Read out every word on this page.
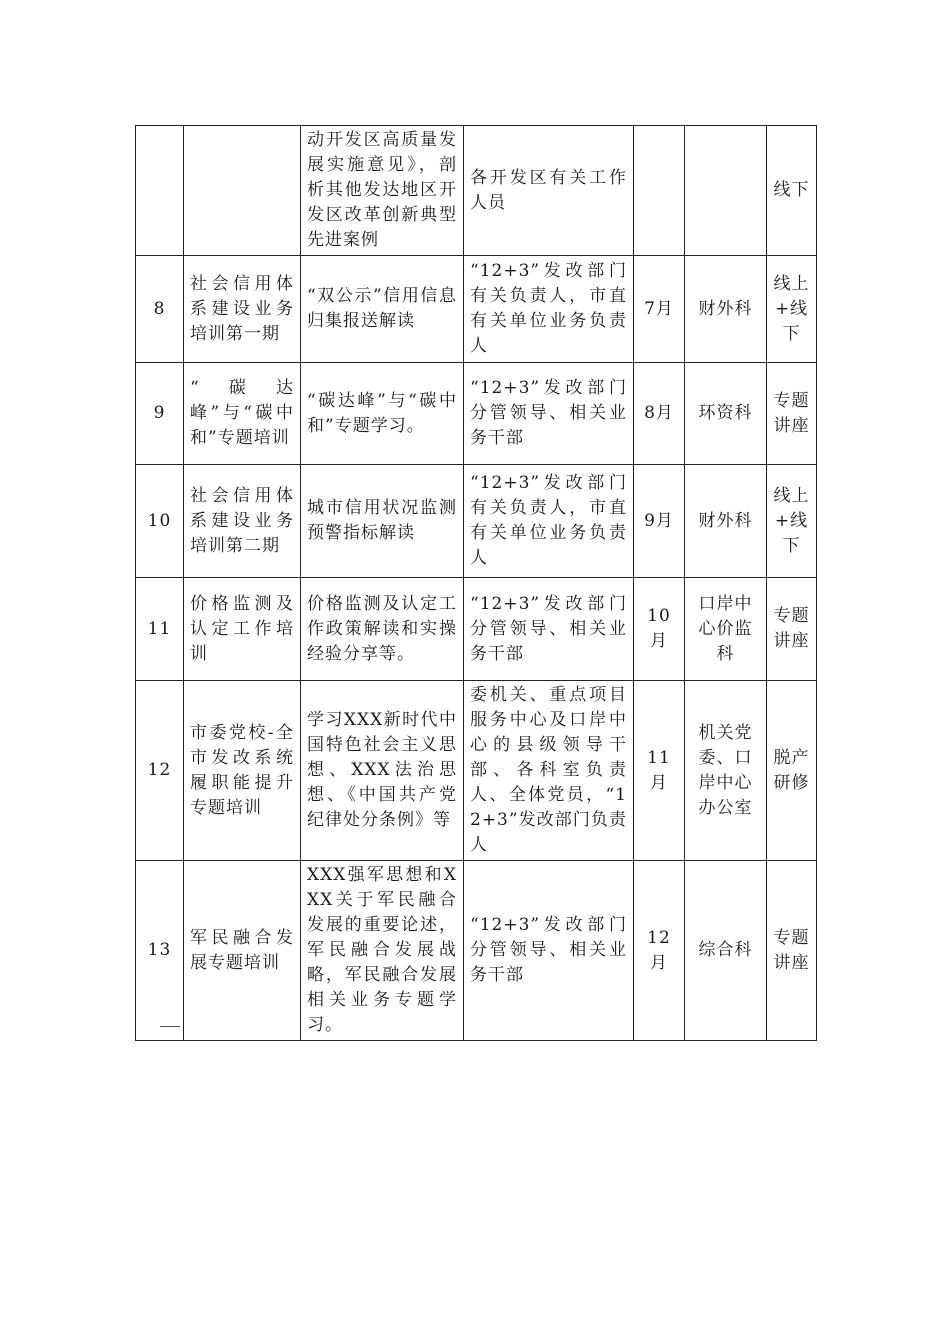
		动开发区高质量发展实施意见》，剖析其他发达地区开发区改革创新典型先进案例	各开发区有关工作人员			线下
8	社会信用体系建设业务培训第一期	“双公示”信用信息归集报送解读	“12+3”发改部门有关负责人，市直有关单位业务负责人	7月	财外科	线上+线下
9	“碳达峰”与“碳中和”专题培训	“碳达峰”与“碳中和”专题学习。	“12+3”发改部门分管领导、相关业务干部	8月	环资科	专题讲座
10	社会信用体系建设业务培训第二期	城市信用状况监测预警指标解读	“12+3”发改部门有关负责人，市直有关单位业务负责人	9月	财外科	线上+线下
11	价格监测及认定工作培训	价格监测及认定工作政策解读和实操经验分享等。	“12+3”发改部门分管领导、相关业务干部	10月	口岸中心价监科	专题讲座
12	市委党校-全市发改系统履职能提升专题培训	学习XXX新时代中国特色社会主义思想、XXX法治思想、《中国共产党纪律处分条例》等	委机关、重点项目服务中心及口岸中心的县级领导干部、各科室负责人、全体党员，“12+3”发改部门负责人	11月	机关党委、口岸中心办公室	脱产研修
13	军民融合发展专题培训	XXX强军思想和XXX关于军民融合发展的重要论述，军民融合发展战略，军民融合发展相关业务专题学习。	“12+3”发改部门分管领导、相关业务干部	12月	综合科	专题讲座
